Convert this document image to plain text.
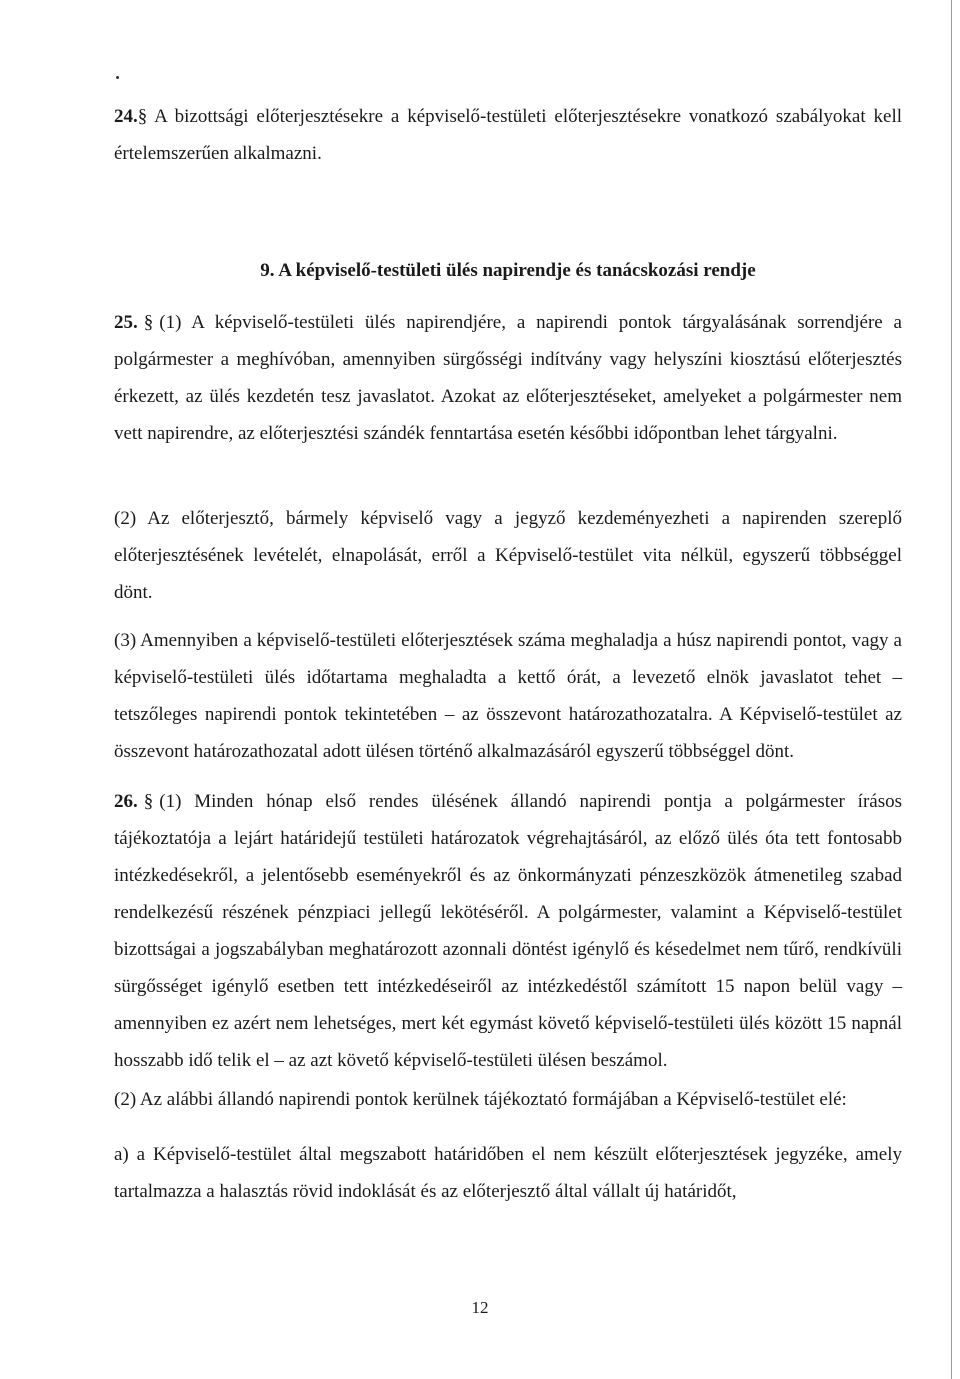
24.§ A bizottsági előterjesztésekre a képviselő-testületi előterjesztésekre vonatkozó szabályokat kell értelemszerűen alkalmazni.

9. A képviselő-testületi ülés napirendje és tanácskozási rendje

25. § (1) A képviselő-testületi ülés napirendjére, a napirendi pontok tárgyalásának sorrendjére a polgármester a meghívóban, amennyiben sürgősségi indítvány vagy helyszíni kiosztású előterjesztés érkezett, az ülés kezdetén tesz javaslatot. Azokat az előterjesztéseket, amelyeket a polgármester nem vett napirendre, az előterjesztési szándék fenntartása esetén későbbi időpontban lehet tárgyalni.

(2) Az előterjesztő, bármely képviselő vagy a jegyző kezdeményezheti a napirenden szereplő előterjesztésének levételét, elnapolását, erről a Képviselő-testület vita nélkül, egyszerű többséggel dönt.

(3) Amennyiben a képviselő-testületi előterjesztések száma meghaladja a húsz napirendi pontot, vagy a képviselő-testületi ülés időtartama meghaladta a kettő órát, a levezető elnök javaslatot tehet – tetszőleges napirendi pontok tekintetében – az összevont határozathozatalra. A Képviselő-testület az összevont határozathozatal adott ülésen történő alkalmazásáról egyszerű többséggel dönt.

26. § (1) Minden hónap első rendes ülésének állandó napirendi pontja a polgármester írásos tájékoztatója a lejárt határidejű testületi határozatok végrehajtásáról, az előző ülés óta tett fontosabb intézkedésekről, a jelentősebb eseményekről és az önkormányzati pénzeszközök átmenetileg szabad rendelkezésű részének pénzpiaci jellegű lekötéséről. A polgármester, valamint a Képviselő-testület bizottságai a jogszabályban meghatározott azonnali döntést igénylő és késedelmet nem tűrő, rendkívüli sürgősséget igénylő esetben tett intézkedéseiről az intézkedéstől számított 15 napon belül vagy – amennyiben ez azért nem lehetséges, mert két egymást követő képviselő-testületi ülés között 15 napnál hosszabb idő telik el – az azt követő képviselő-testületi ülésen beszámol.

(2) Az alábbi állandó napirendi pontok kerülnek tájékoztató formájában a Képviselő-testület elé:

a) a Képviselő-testület által megszabott határidőben el nem készült előterjesztések jegyzéke, amely tartalmazza a halasztás rövid indoklását és az előterjesztő által vállalt új határidőt,

12
